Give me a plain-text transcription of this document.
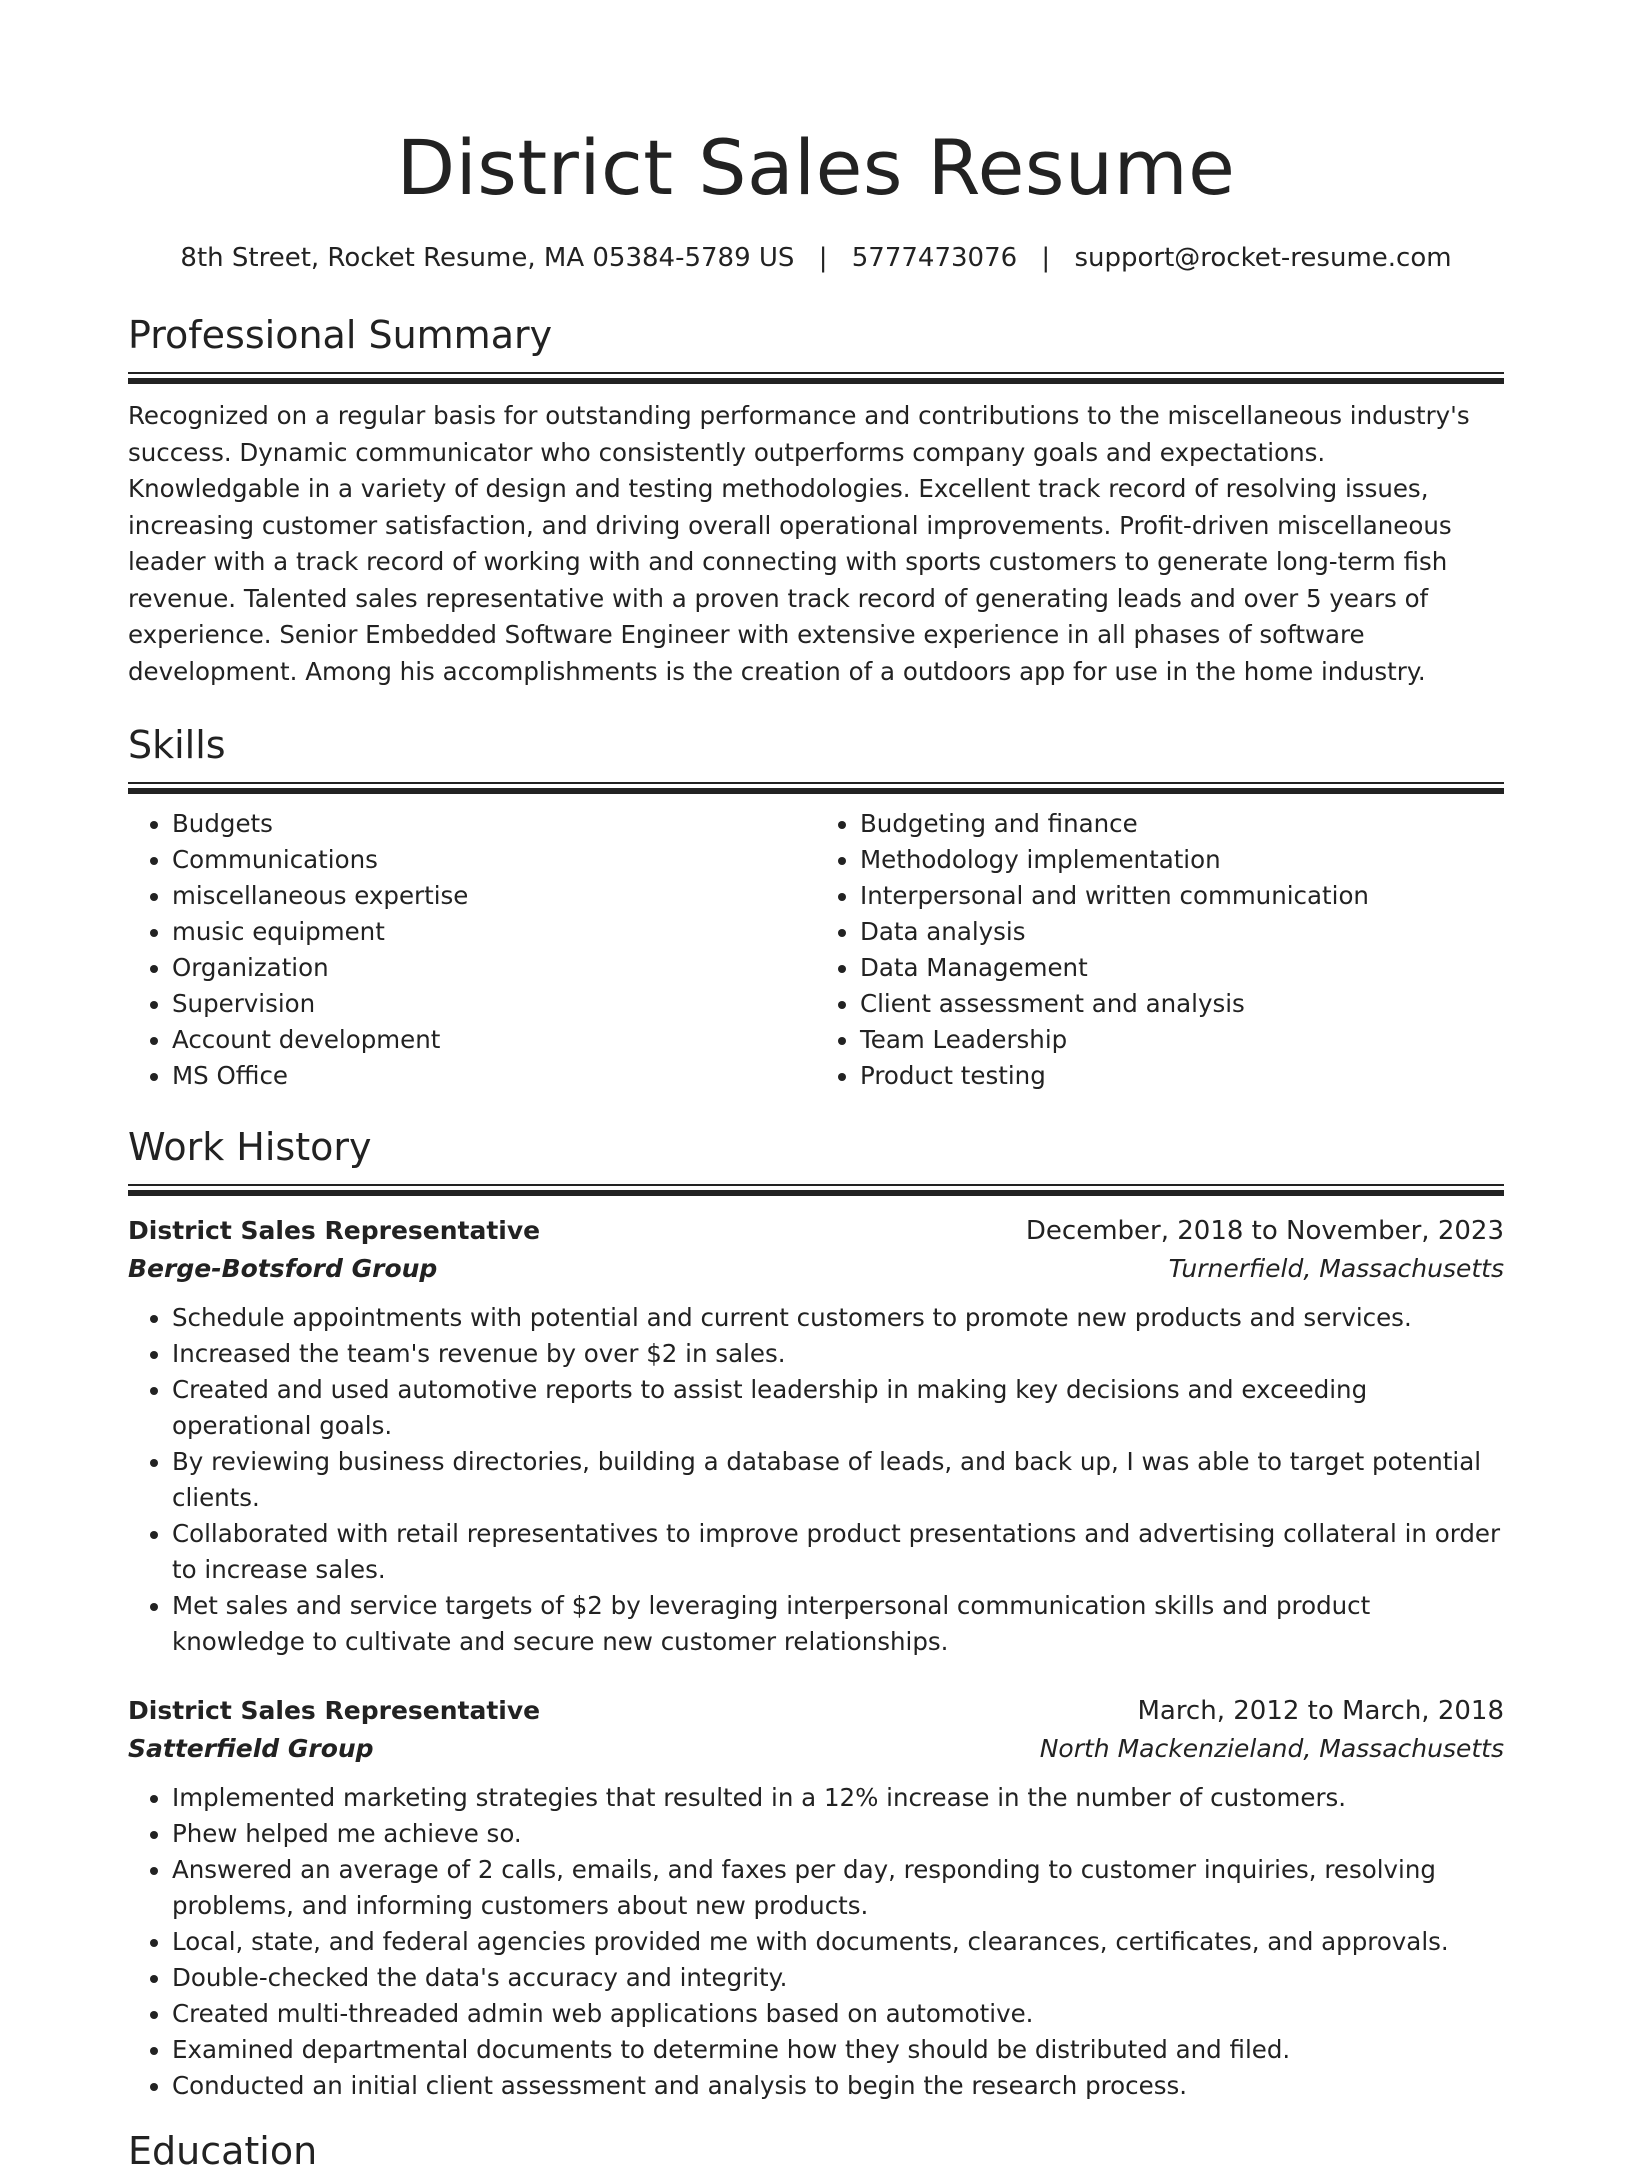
District Sales Resume
8th Street, Rocket Resume, MA 05384-5789 US | 5777473076 | support@rocket-resume.com
Professional Summary

Recognized on a regular basis for outstanding performance and contributions to the miscellaneous industry's success. Dynamic communicator who consistently outperforms company goals and expectations. Knowledgable in a variety of design and testing methodologies. Excellent track record of resolving issues, increasing customer satisfaction, and driving overall operational improvements. Profit-driven miscellaneous leader with a track record of working with and connecting with sports customers to generate long-term fish revenue. Talented sales representative with a proven track record of generating leads and over 5 years of experience. Senior Embedded Software Engineer with extensive experience in all phases of software development. Among his accomplishments is the creation of a outdoors app for use in the home industry.

Skills
• Budgets
• Communications
• miscellaneous expertise
• music equipment
• Organization
• Supervision
• Account development
• MS Office
• Budgeting and finance
• Methodology implementation
• Interpersonal and written communication
• Data analysis
• Data Management
• Client assessment and analysis
• Team Leadership
• Product testing
Work History
District Sales Representative	December, 2018 to November, 2023
Berge-Botsford Group	Turnerfield, Massachusetts
• Schedule appointments with potential and current customers to promote new products and services.
• Increased the team's revenue by over $2 in sales.
• Created and used automotive reports to assist leadership in making key decisions and exceeding operational goals.
• By reviewing business directories, building a database of leads, and back up, I was able to target potential clients.
• Collaborated with retail representatives to improve product presentations and advertising collateral in order to increase sales.
• Met sales and service targets of $2 by leveraging interpersonal communication skills and product knowledge to cultivate and secure new customer relationships.
District Sales Representative	March, 2012 to March, 2018
Satterfield Group	North Mackenzieland, Massachusetts
• Implemented marketing strategies that resulted in a 12% increase in the number of customers.
• Phew helped me achieve so.
• Answered an average of 2 calls, emails, and faxes per day, responding to customer inquiries, resolving problems, and informing customers about new products.
• Local, state, and federal agencies provided me with documents, clearances, certificates, and approvals.
• Double-checked the data's accuracy and integrity.
• Created multi-threaded admin web applications based on automotive.
• Examined departmental documents to determine how they should be distributed and filed.
• Conducted an initial client assessment and analysis to begin the research process.
Education
